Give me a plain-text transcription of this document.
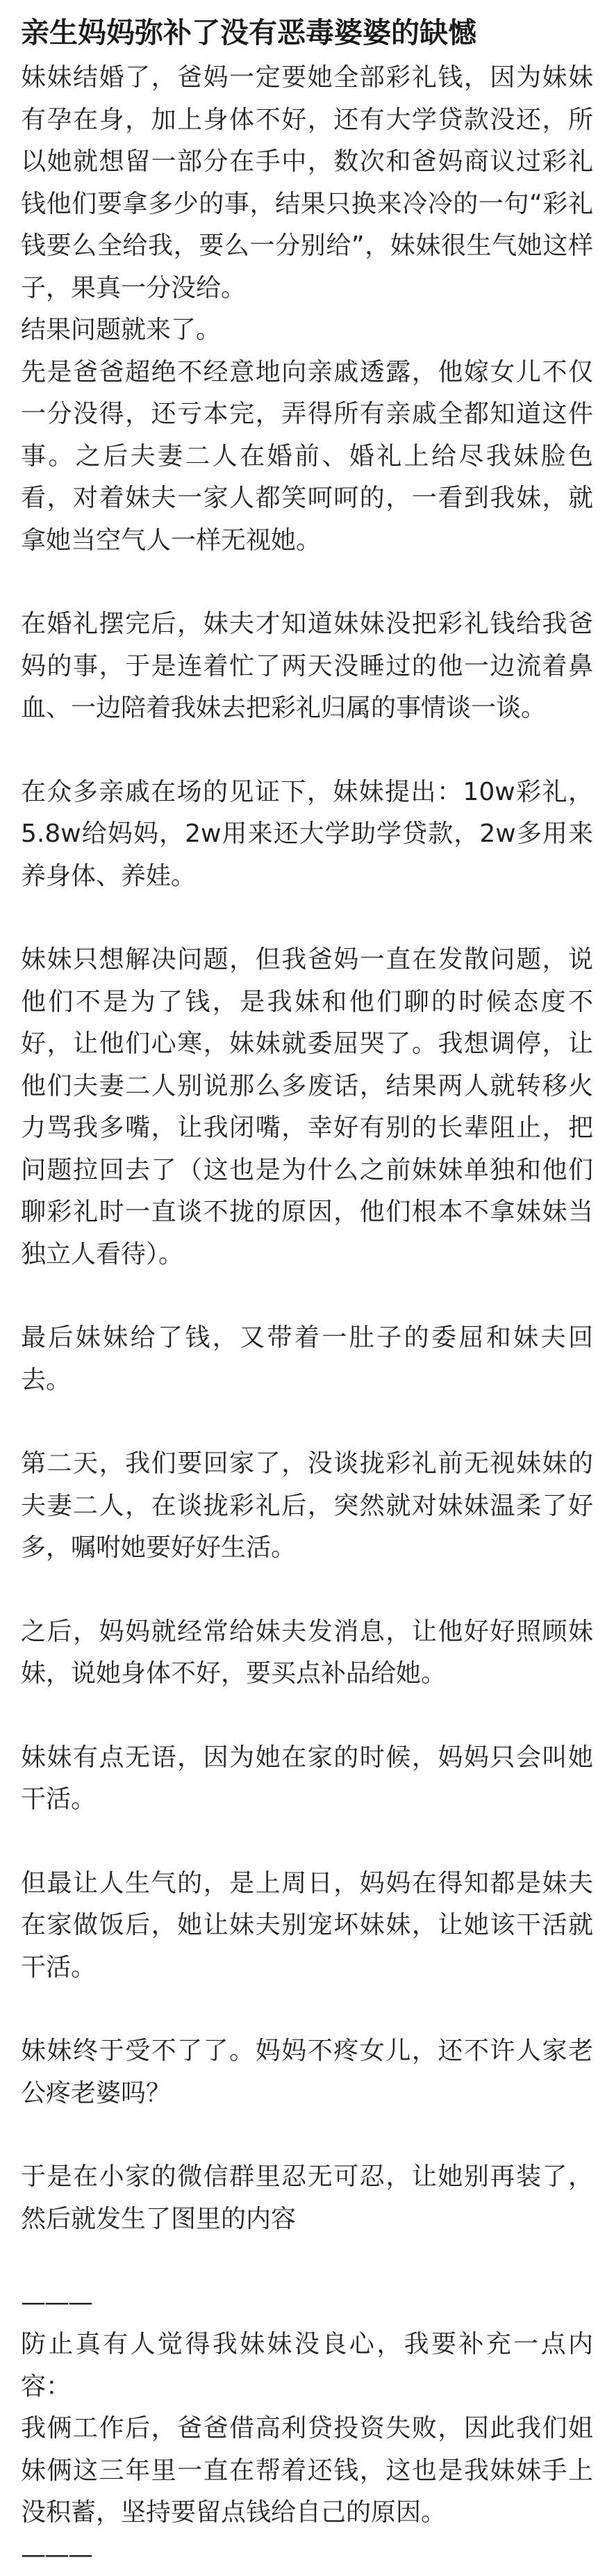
亲生妈妈弥补了没有恶毒婆婆的缺憾

妹妹结婚了，爸妈一定要她全部彩礼钱，因为妹妹有孕在身，加上身体不好，还有大学贷款没还，所以她就想留一部分在手中，数次和爸妈商议过彩礼钱他们要拿多少的事，结果只换来冷冷的一句“彩礼钱要么全给我，要么一分别给”，妹妹很生气她这样子，果真一分没给。

结果问题就来了。

先是爸爸超绝不经意地向亲戚透露，他嫁女儿不仅一分没得，还亏本完，弄得所有亲戚全都知道这件事。之后夫妻二人在婚前、婚礼上给尽我妹脸色看，对着妹夫一家人都笑呵呵的，一看到我妹，就拿她当空气人一样无视她。

在婚礼摆完后，妹夫才知道妹妹没把彩礼钱给我爸妈的事，于是连着忙了两天没睡过的他一边流着鼻血、一边陪着我妹去把彩礼归属的事情谈一谈。

在众多亲戚在场的见证下，妹妹提出：10w彩礼，5.8w给妈妈，2w用来还大学助学贷款，2w多用来养身体、养娃。

妹妹只想解决问题，但我爸妈一直在发散问题，说他们不是为了钱，是我妹和他们聊的时候态度不好，让他们心寒，妹妹就委屈哭了。我想调停，让他们夫妻二人别说那么多废话，结果两人就转移火力骂我多嘴，让我闭嘴，幸好有别的长辈阻止，把问题拉回去了（这也是为什么之前妹妹单独和他们聊彩礼时一直谈不拢的原因，他们根本不拿妹妹当独立人看待）。

最后妹妹给了钱，又带着一肚子的委屈和妹夫回去。

第二天，我们要回家了，没谈拢彩礼前无视妹妹的夫妻二人，在谈拢彩礼后，突然就对妹妹温柔了好多，嘱咐她要好好生活。

之后，妈妈就经常给妹夫发消息，让他好好照顾妹妹，说她身体不好，要买点补品给她。

妹妹有点无语，因为她在家的时候，妈妈只会叫她干活。

但最让人生气的，是上周日，妈妈在得知都是妹夫在家做饭后，她让妹夫别宠坏妹妹，让她该干活就干活。

妹妹终于受不了了。妈妈不疼女儿，还不许人家老公疼老婆吗？

于是在小家的微信群里忍无可忍，让她别再装了，然后就发生了图里的内容

———

防止真有人觉得我妹妹没良心，我要补充一点内容：

我俩工作后，爸爸借高利贷投资失败，因此我们姐妹俩这三年里一直在帮着还钱，这也是我妹妹手上没积蓄，坚持要留点钱给自己的原因。

———
